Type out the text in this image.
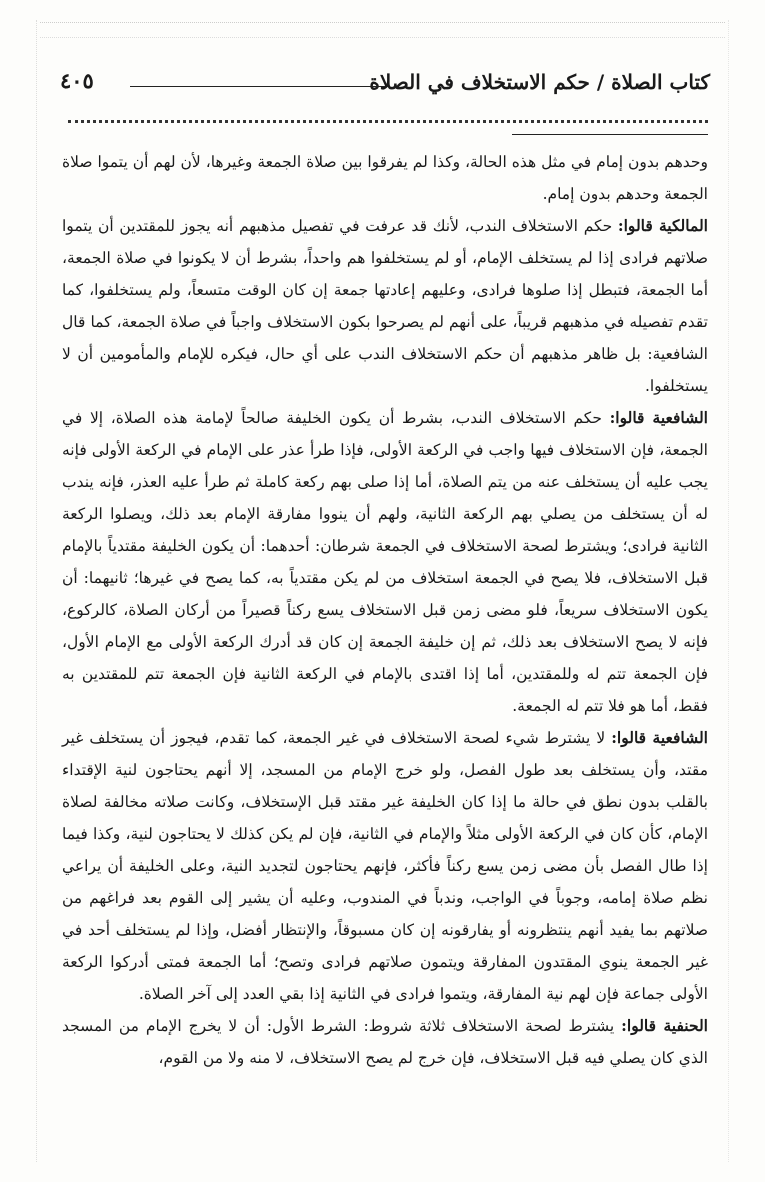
كتاب الصلاة / حكم الاستخلاف في الصلاة
٤٠٥

وحدهم بدون إمام في مثل هذه الحالة، وكذا لم يفرقوا بين صلاة الجمعة وغيرها، لأن لهم أن يتموا صلاة الجمعة وحدهم بدون إمام.

المالكية قالوا: حكم الاستخلاف الندب، لأنك قد عرفت في تفصيل مذهبهم أنه يجوز للمقتدين أن يتموا صلاتهم فرادى إذا لم يستخلف الإمام، أو لم يستخلفوا هم واحداً، بشرط أن لا يكونوا في صلاة الجمعة، أما الجمعة، فتبطل إذا صلوها فرادى، وعليهم إعادتها جمعة إن كان الوقت متسعاً، ولم يستخلفوا، كما تقدم تفصيله في مذهبهم قريباً، على أنهم لم يصرحوا بكون الاستخلاف واجباً في صلاة الجمعة، كما قال الشافعية: بل ظاهر مذهبهم أن حكم الاستخلاف الندب على أي حال، فيكره للإمام والمأمومين أن لا يستخلفوا.

الشافعية قالوا: حكم الاستخلاف الندب، بشرط أن يكون الخليفة صالحاً لإمامة هذه الصلاة، إلا في الجمعة، فإن الاستخلاف فيها واجب في الركعة الأولى، فإذا طرأ عذر على الإمام في الركعة الأولى فإنه يجب عليه أن يستخلف عنه من يتم الصلاة، أما إذا صلى بهم ركعة كاملة ثم طرأ عليه العذر، فإنه يندب له أن يستخلف من يصلي بهم الركعة الثانية، ولهم أن ينووا مفارقة الإمام بعد ذلك، ويصلوا الركعة الثانية فرادى؛ ويشترط لصحة الاستخلاف في الجمعة شرطان: أحدهما: أن يكون الخليفة مقتدياً بالإمام قبل الاستخلاف، فلا يصح في الجمعة استخلاف من لم يكن مقتدياً به، كما يصح في غيرها؛ ثانيهما: أن يكون الاستخلاف سريعاً، فلو مضى زمن قبل الاستخلاف يسع ركناً قصيراً من أركان الصلاة، كالركوع، فإنه لا يصح الاستخلاف بعد ذلك، ثم إن خليفة الجمعة إن كان قد أدرك الركعة الأولى مع الإمام الأول، فإن الجمعة تتم له وللمقتدين، أما إذا اقتدى بالإمام في الركعة الثانية فإن الجمعة تتم للمقتدين به فقط، أما هو فلا تتم له الجمعة.

الشافعية قالوا: لا يشترط شيء لصحة الاستخلاف في غير الجمعة، كما تقدم، فيجوز أن يستخلف غير مقتد، وأن يستخلف بعد طول الفصل، ولو خرج الإمام من المسجد، إلا أنهم يحتاجون لنية الإقتداء بالقلب بدون نطق في حالة ما إذا كان الخليفة غير مقتد قبل الإستخلاف، وكانت صلاته مخالفة لصلاة الإمام، كأن كان في الركعة الأولى مثلاً والإمام في الثانية، فإن لم يكن كذلك لا يحتاجون لنية، وكذا فيما إذا طال الفصل بأن مضى زمن يسع ركناً فأكثر، فإنهم يحتاجون لتجديد النية، وعلى الخليفة أن يراعي نظم صلاة إمامه، وجوباً في الواجب، وندباً في المندوب، وعليه أن يشير إلى القوم بعد فراغهم من صلاتهم بما يفيد أنهم ينتظرونه أو يفارقونه إن كان مسبوقاً، والإنتظار أفضل، وإذا لم يستخلف أحد في غير الجمعة ينوي المقتدون المفارقة ويتمون صلاتهم فرادى وتصح؛ أما الجمعة فمتى أدركوا الركعة الأولى جماعة فإن لهم نية المفارقة، ويتموا فرادى في الثانية إذا بقي العدد إلى آخر الصلاة.

الحنفية قالوا: يشترط لصحة الاستخلاف ثلاثة شروط: الشرط الأول: أن لا يخرج الإمام من المسجد الذي كان يصلي فيه قبل الاستخلاف، فإن خرج لم يصح الاستخلاف، لا منه ولا من القوم،
